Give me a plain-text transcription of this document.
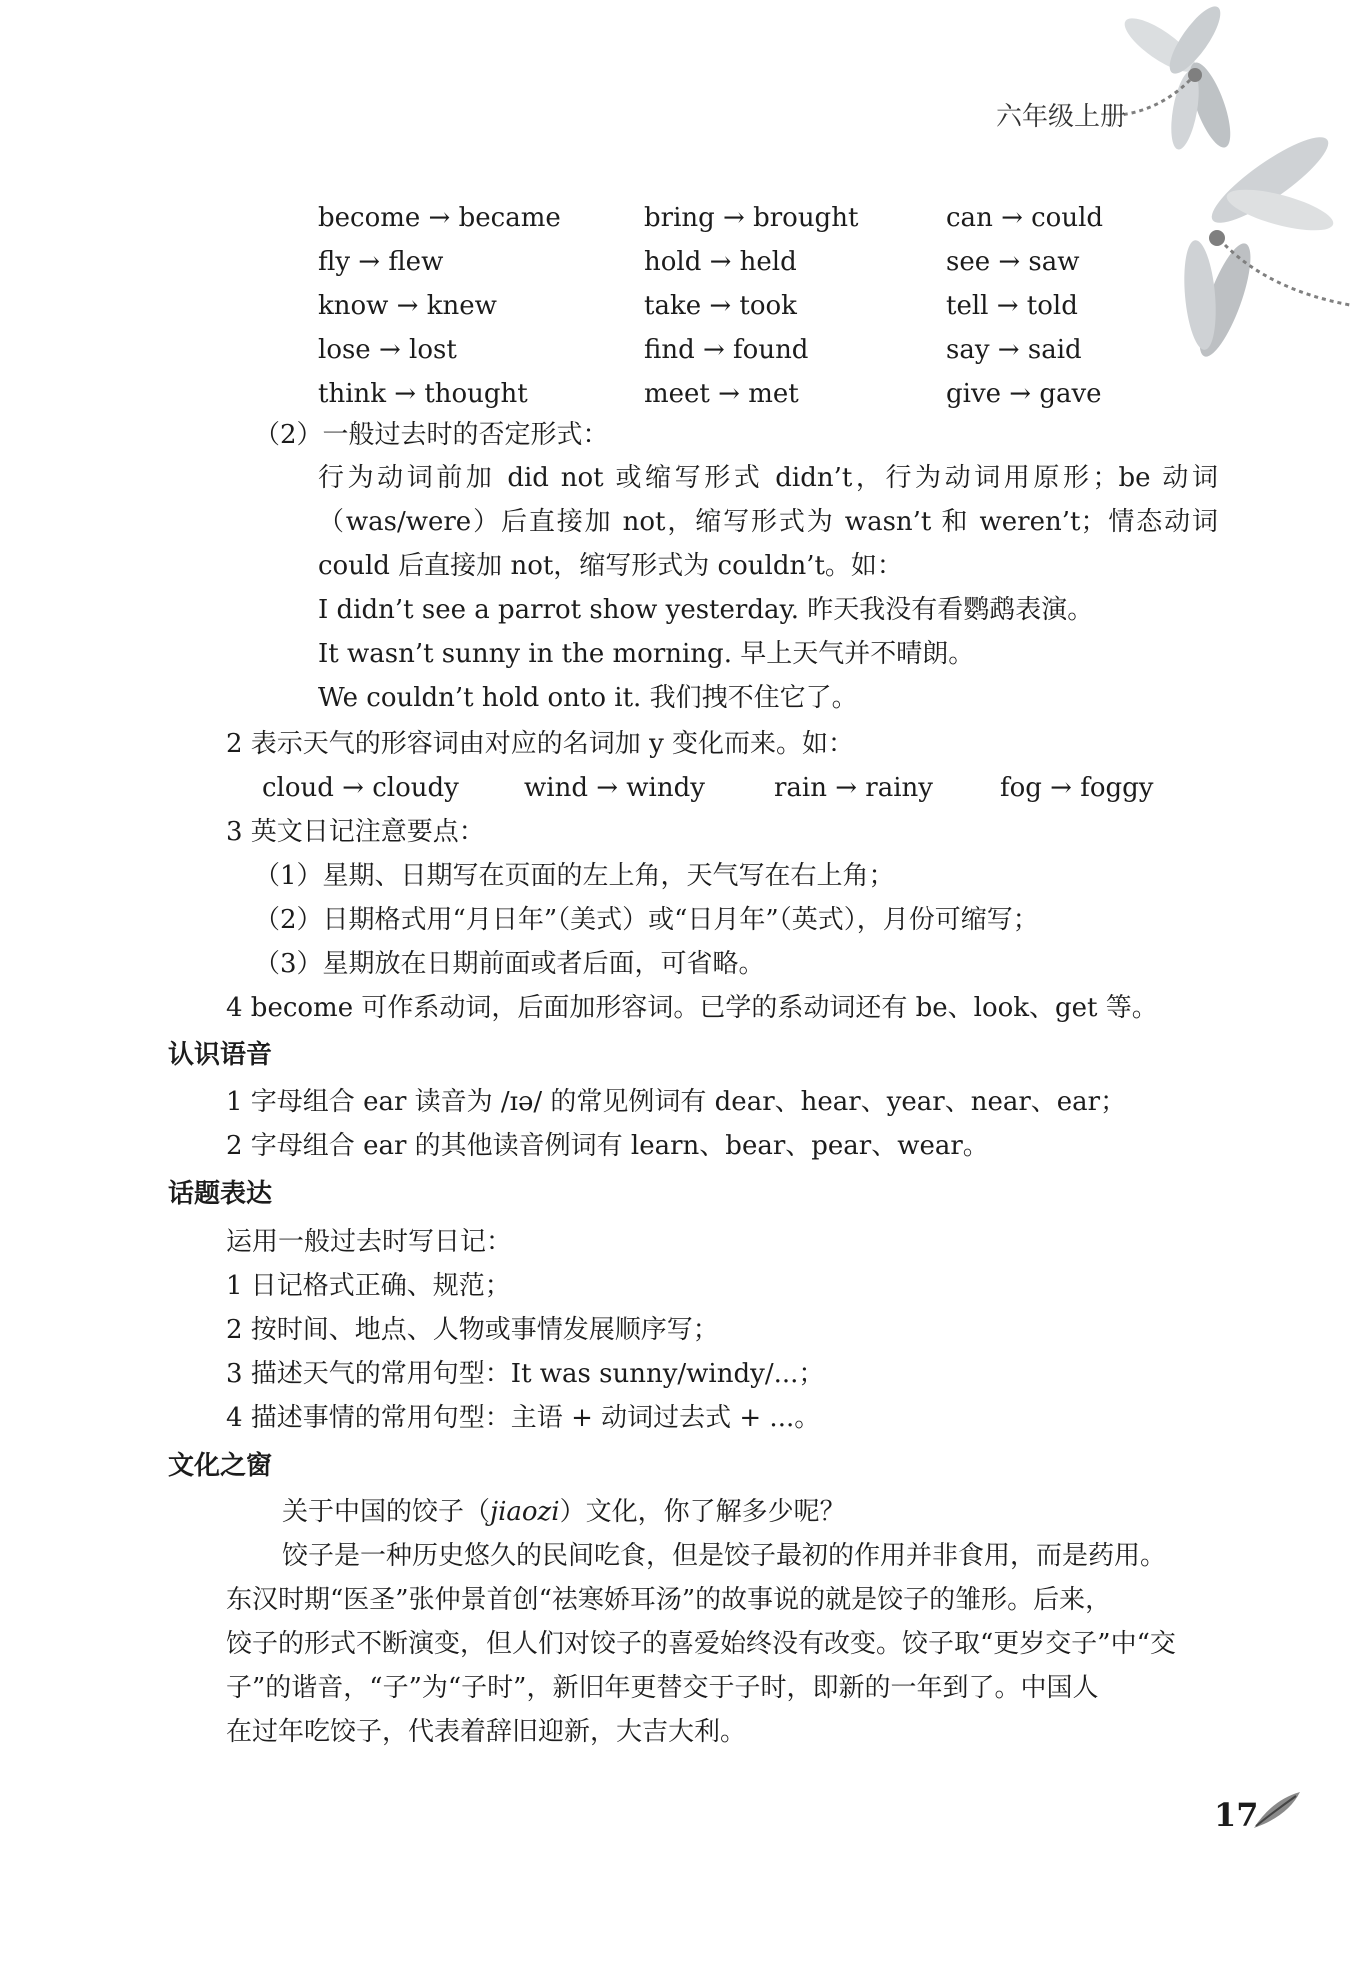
六年级上册
become → became	bring → brought	can → could
fly → flew	hold → held	see → saw
know → knew	take → took	tell → told
lose → lost	find → found	say → said
think → thought	meet → met	give → gave
（2）一般过去时的否定形式：
行为动词前加 did not 或缩写形式 didn’t，行为动词用原形；be 动词（was/were）后直接加 not，缩写形式为 wasn’t 和 weren’t；情态动词 could 后直接加 not，缩写形式为 couldn’t。如：
I didn’t see a parrot show yesterday. 昨天我没有看鹦鹉表演。
It wasn’t sunny in the morning. 早上天气并不晴朗。
We couldn’t hold onto it. 我们拽不住它了。
2 表示天气的形容词由对应的名词加 y 变化而来。如：
cloud → cloudy	wind → windy	rain → rainy	fog → foggy
3 英文日记注意要点：
（1）星期、日期写在页面的左上角，天气写在右上角；
（2）日期格式用“月日年”（美式）或“日月年”（英式），月份可缩写；
（3）星期放在日期前面或者后面，可省略。
4 become 可作系动词，后面加形容词。已学的系动词还有 be、look、get 等。
认识语音
1 字母组合 ear 读音为 /ɪə/ 的常见例词有 dear、hear、year、near、ear；
2 字母组合 ear 的其他读音例词有 learn、bear、pear、wear。
话题表达
运用一般过去时写日记：
1 日记格式正确、规范；
2 按时间、地点、人物或事情发展顺序写；
3 描述天气的常用句型：It was sunny/windy/...；
4 描述事情的常用句型：主语 + 动词过去式 + ...。
文化之窗
关于中国的饺子（jiaozi）文化，你了解多少呢？
饺子是一种历史悠久的民间吃食，但是饺子最初的作用并非食用，而是药用。
东汉时期“医圣”张仲景首创“祛寒娇耳汤”的故事说的就是饺子的雏形。后来，
饺子的形式不断演变，但人们对饺子的喜爱始终没有改变。饺子取“更岁交子”中“交
子”的谐音，“子”为“子时”，新旧年更替交于子时，即新的一年到了。中国人
在过年吃饺子，代表着辞旧迎新，大吉大利。
17
